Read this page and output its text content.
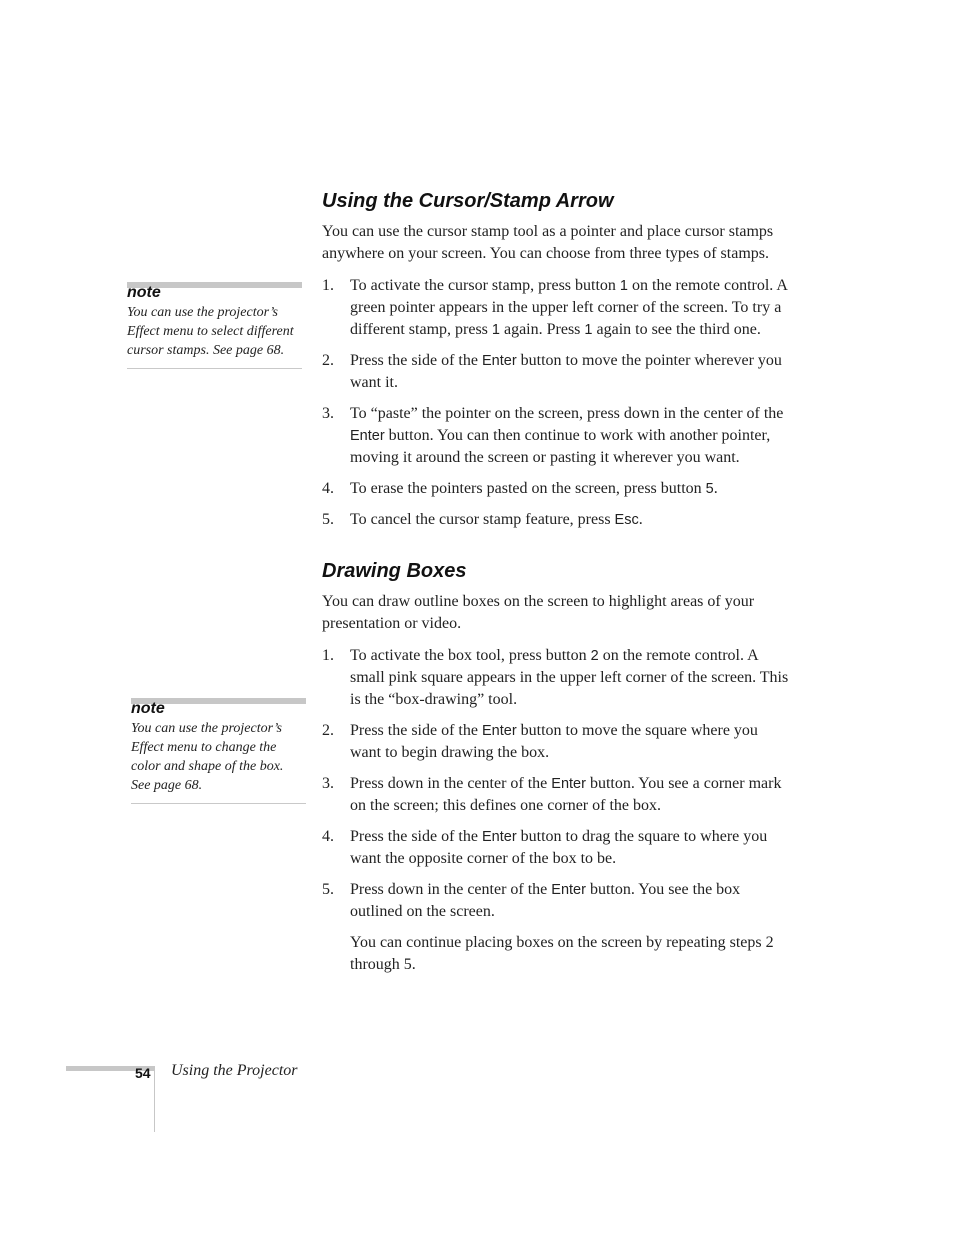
note
You can use the projector’s Effect menu to select different cursor stamps. See page 68.
note
You can use the projector’s Effect menu to change the color and shape of the box. See page 68.
Using the Cursor/Stamp Arrow

You can use the cursor stamp tool as a pointer and place cursor stamps anywhere on your screen. You can choose from three types of stamps.

1. To activate the cursor stamp, press button 1 on the remote control. A green pointer appears in the upper left corner of the screen. To try a different stamp, press 1 again. Press 1 again to see the third one.
2. Press the side of the Enter button to move the pointer wherever you want it.
3. To “paste” the pointer on the screen, press down in the center of the Enter button. You can then continue to work with another pointer, moving it around the screen or pasting it wherever you want.
4. To erase the pointers pasted on the screen, press button 5.
5. To cancel the cursor stamp feature, press Esc.
Drawing Boxes

You can draw outline boxes on the screen to highlight areas of your presentation or video.

1. To activate the box tool, press button 2 on the remote control. A small pink square appears in the upper left corner of the screen. This is the “box-drawing” tool.
2. Press the side of the Enter button to move the square where you want to begin drawing the box.
3. Press down in the center of the Enter button. You see a corner mark on the screen; this defines one corner of the box.
4. Press the side of the Enter button to drag the square to where you want the opposite corner of the box to be.
5. Press down in the center of the Enter button. You see the box outlined on the screen.

You can continue placing boxes on the screen by repeating steps 2 through 5.

54 Using the Projector
